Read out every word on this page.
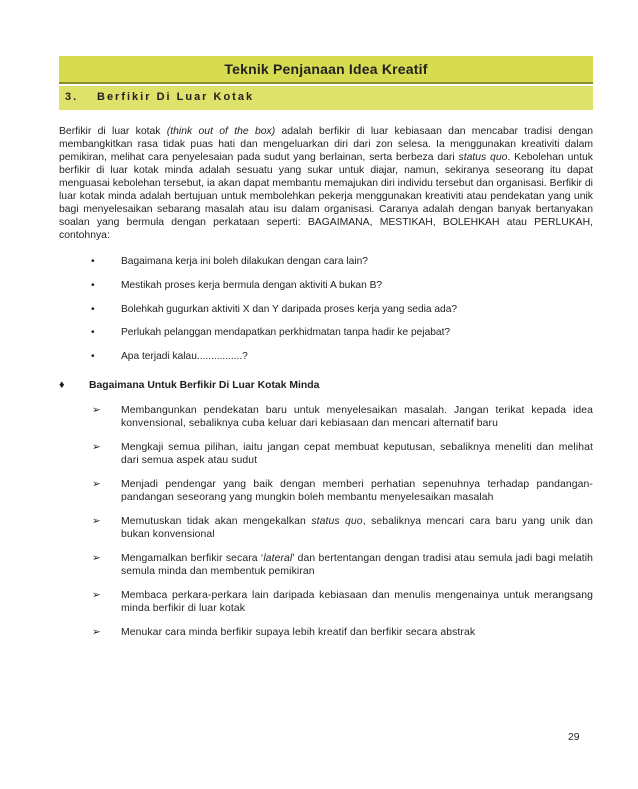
Teknik Penjanaan Idea Kreatif
3. Berfikir Di Luar Kotak

Berfikir di luar kotak (think out of the box) adalah berfikir di luar kebiasaan dan mencabar tradisi dengan membangkitkan rasa tidak puas hati dan mengeluarkan diri dari zon selesa. Ia menggunakan kreativiti dalam pemikiran, melihat cara penyelesaian pada sudut yang berlainan, serta berbeza dari status quo. Kebolehan untuk berfikir di luar kotak minda adalah sesuatu yang sukar untuk diajar, namun, sekiranya seseorang itu dapat menguasai kebolehan tersebut, ia akan dapat membantu memajukan diri individu tersebut dan organisasi. Berfikir di luar kotak minda adalah bertujuan untuk membolehkan pekerja menggunakan kreativiti atau pendekatan yang unik bagi menyelesaikan sebarang masalah atau isu dalam organisasi. Caranya adalah dengan banyak bertanyakan soalan yang bermula dengan perkataan seperti: BAGAIMANA, MESTIKAH, BOLEHKAH atau PERLUKAH, contohnya:

•	Bagaimana kerja ini boleh dilakukan dengan cara lain?
•	Mestikah proses kerja bermula dengan aktiviti A bukan B?
•	Bolehkah gugurkan aktiviti X dan Y daripada proses kerja yang sedia ada?
•	Perlukah pelanggan mendapatkan perkhidmatan tanpa hadir ke pejabat?
•	Apa terjadi kalau................?
♦ Bagaimana Untuk Berfikir Di Luar Kotak Minda
➢ Membangunkan pendekatan baru untuk menyelesaikan masalah. Jangan terikat kepada idea konvensional, sebaliknya cuba keluar dari kebiasaan dan mencari alternatif baru
➢ Mengkaji semua pilihan, iaitu jangan cepat membuat keputusan, sebaliknya meneliti dan melihat dari semua aspek atau sudut
➢ Menjadi pendengar yang baik dengan memberi perhatian sepenuhnya terhadap pandangan-pandangan seseorang yang mungkin boleh membantu menyelesaikan masalah
➢ Memutuskan tidak akan mengekalkan status quo, sebaliknya mencari cara baru yang unik dan bukan konvensional
➢ Mengamalkan berfikir secara ‘lateral’ dan bertentangan dengan tradisi atau semula jadi bagi melatih semula minda dan membentuk pemikiran
➢ Membaca perkara-perkara lain daripada kebiasaan dan menulis mengenainya untuk merangsang minda berfikir di luar kotak
➢ Menukar cara minda berfikir supaya lebih kreatif dan berfikir secara abstrak
29
